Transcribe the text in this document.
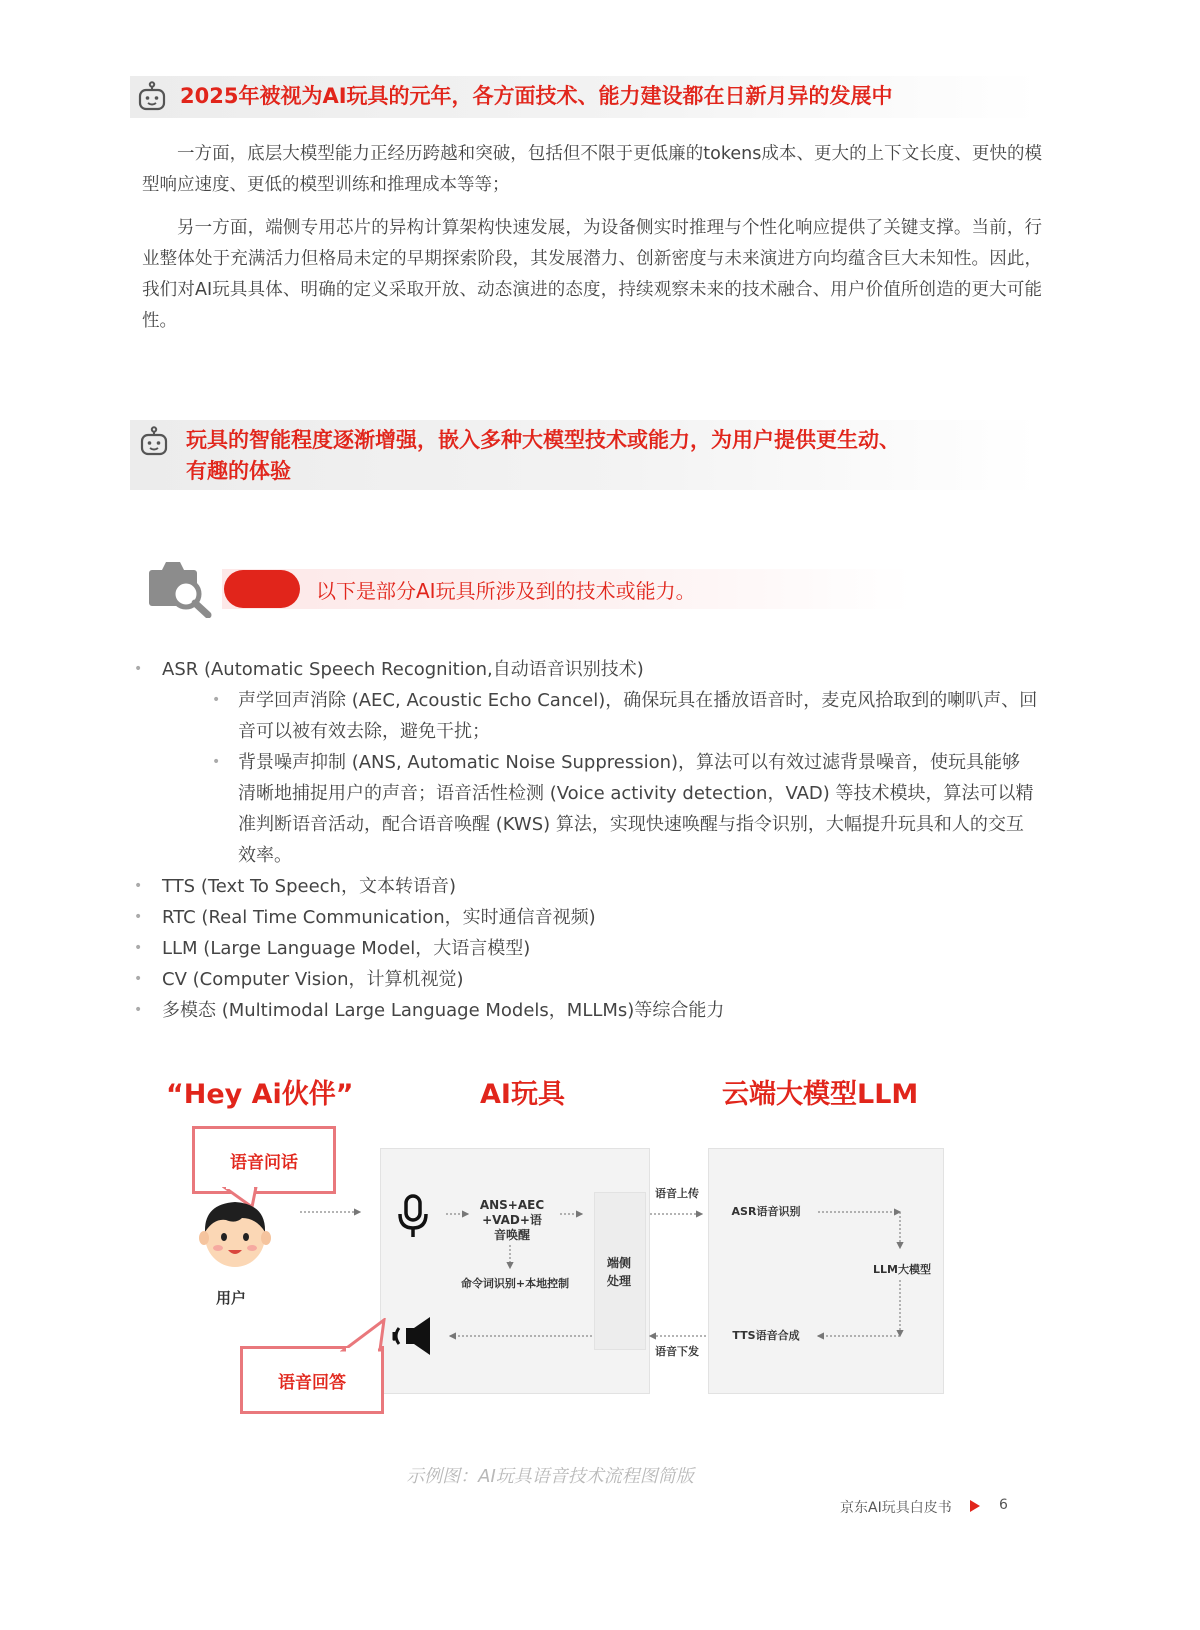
2025年被视为AI玩具的元年，各方面技术、能力建设都在日新月异的发展中
一方面，底层大模型能力正经历跨越和突破，包括但不限于更低廉的tokens成本、更大的上下文长度、更快的模型响应速度、更低的模型训练和推理成本等等；
另一方面，端侧专用芯片的异构计算架构快速发展，为设备侧实时推理与个性化响应提供了关键支撑。当前，行业整体处于充满活力但格局未定的早期探索阶段，其发展潜力、创新密度与未来演进方向均蕴含巨大未知性。因此，我们对AI玩具具体、明确的定义采取开放、动态演进的态度，持续观察未来的技术融合、用户价值所创造的更大可能性。
玩具的智能程度逐渐增强，嵌入多种大模型技术或能力，为用户提供更生动、
有趣的体验
以下是部分AI玩具所涉及到的技术或能力。
• ASR (Automatic Speech Recognition,自动语音识别技术)
• 声学回声消除 (AEC, Acoustic Echo Cancel)，确保玩具在播放语音时，麦克风拾取到的喇叭声、回音可以被有效去除，避免干扰；
• 背景噪声抑制 (ANS, Automatic Noise Suppression)，算法可以有效过滤背景噪音，使玩具能够清晰地捕捉用户的声音；语音活性检测 (Voice activity detection，VAD) 等技术模块，算法可以精准判断语音活动，配合语音唤醒 (KWS) 算法，实现快速唤醒与指令识别，大幅提升玩具和人的交互效率。
• TTS (Text To Speech，文本转语音)
• RTC (Real Time Communication，实时通信音视频)
• LLM (Large Language Model，大语言模型)
• CV (Computer Vision，计算机视觉)
• 多模态 (Multimodal Large Language Models，MLLMs)等综合能力
“Hey Ai伙伴”	AI玩具	云端大模型LLM
语音问话
语音回答
用户
ANS+AEC
+VAD+语
音唤醒
命令词识别+本地控制
端侧
处理
语音上传
语音下发
ASR语音识别
LLM大模型
TTS语音合成
示例图：AI玩具语音技术流程图简版
京东AI玩具白皮书	6
